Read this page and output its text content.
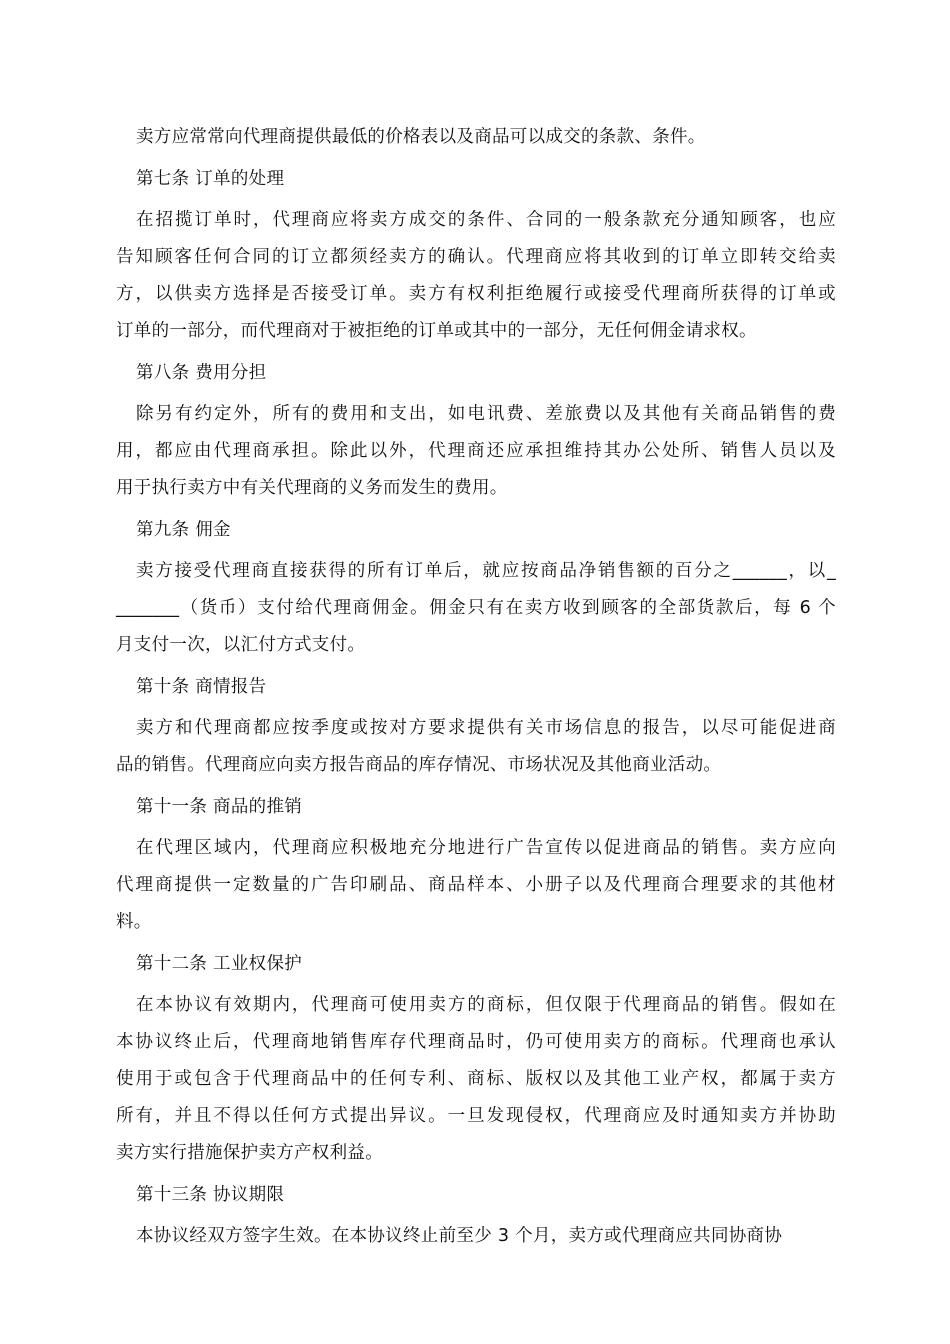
卖方应常常向代理商提供最低的价格表以及商品可以成交的条款、条件。
第七条 订单的处理
在招揽订单时，代理商应将卖方成交的条件、合同的一般条款充分通知顾客，也应
告知顾客任何合同的订立都须经卖方的确认。代理商应将其收到的订单立即转交给卖
方，以供卖方选择是否接受订单。卖方有权利拒绝履行或接受代理商所获得的订单或
订单的一部分，而代理商对于被拒绝的订单或其中的一部分，无任何佣金请求权。
第八条 费用分担
除另有约定外，所有的费用和支出，如电讯费、差旅费以及其他有关商品销售的费
用，都应由代理商承担。除此以外，代理商还应承担维持其办公处所、销售人员以及
用于执行卖方中有关代理商的义务而发生的费用。
第九条 佣金
卖方接受代理商直接获得的所有订单后，就应按商品净销售额的百分之______，以_
_______（货币）支付给代理商佣金。佣金只有在卖方收到顾客的全部货款后，每 6 个
月支付一次，以汇付方式支付。
第十条 商情报告
卖方和代理商都应按季度或按对方要求提供有关市场信息的报告，以尽可能促进商
品的销售。代理商应向卖方报告商品的库存情况、市场状况及其他商业活动。
第十一条 商品的推销
在代理区域内，代理商应积极地充分地进行广告宣传以促进商品的销售。卖方应向
代理商提供一定数量的广告印刷品、商品样本、小册子以及代理商合理要求的其他材
料。
第十二条 工业权保护
在本协议有效期内，代理商可使用卖方的商标，但仅限于代理商品的销售。假如在
本协议终止后，代理商地销售库存代理商品时，仍可使用卖方的商标。代理商也承认
使用于或包含于代理商品中的任何专利、商标、版权以及其他工业产权，都属于卖方
所有，并且不得以任何方式提出异议。一旦发现侵权，代理商应及时通知卖方并协助
卖方实行措施保护卖方产权利益。
第十三条 协议期限
本协议经双方签字生效。在本协议终止前至少 3 个月，卖方或代理商应共同协商协
